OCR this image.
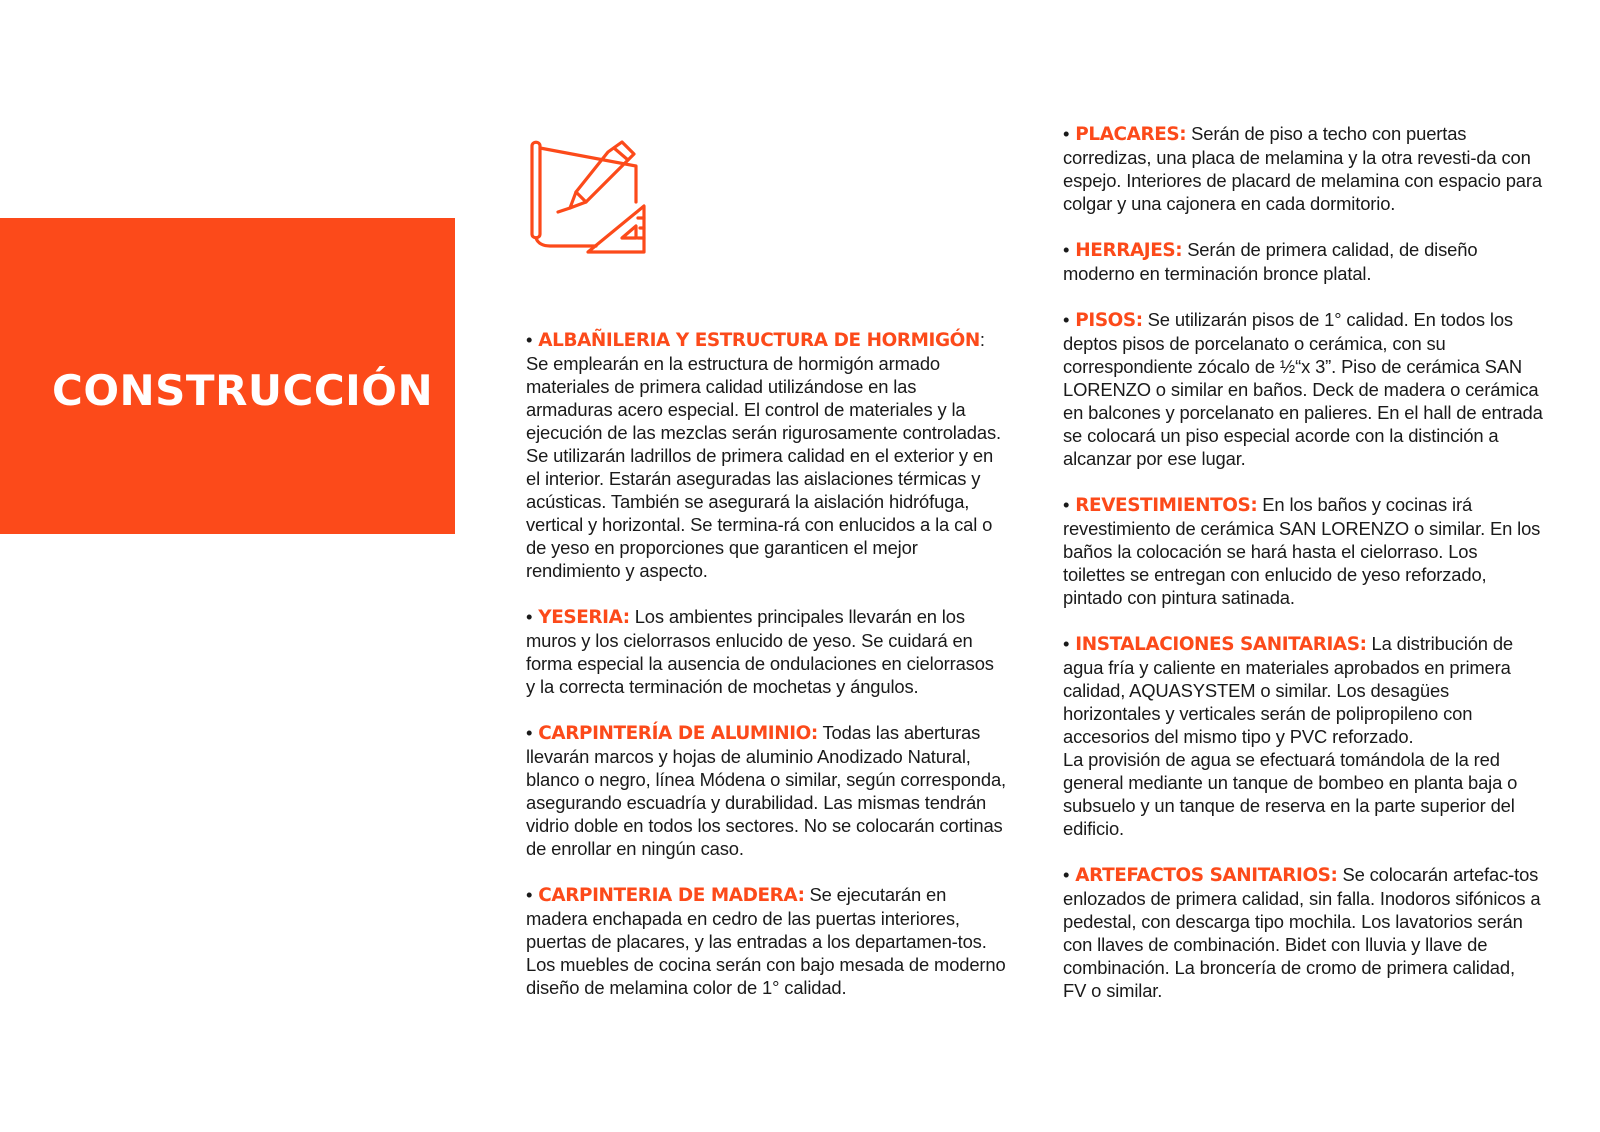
CONSTRUCCIÓN

• ALBAÑILERIA Y ESTRUCTURA DE HORMIGÓN:
Se emplearán en la estructura de hormigón armado materiales de primera calidad utilizándose en las armaduras acero especial. El control de materiales y la ejecución de las mezclas serán rigurosamente controladas. Se utilizarán ladrillos de primera calidad en el exterior y en el interior. Estarán aseguradas las aislaciones térmicas y acústicas. También se asegurará la aislación hidrófuga, vertical y horizontal. Se termina-rá con enlucidos a la cal o de yeso en proporciones que garanticen el mejor rendimiento y aspecto.

• YESERIA: Los ambientes principales llevarán en los muros y los cielorrasos enlucido de yeso. Se cuidará en forma especial la ausencia de ondulaciones en cielorrasos y la correcta terminación de mochetas y ángulos.

• CARPINTERÍA DE ALUMINIO: Todas las aberturas llevarán marcos y hojas de aluminio Anodizado Natural, blanco o negro, línea Módena o similar, según corresponda, asegurando escuadría y durabilidad. Las mismas tendrán vidrio doble en todos los sectores. No se colocarán cortinas de enrollar en ningún caso.

• CARPINTERIA DE MADERA: Se ejecutarán en madera enchapada en cedro de las puertas interiores, puertas de placares, y las entradas a los departamen-tos. Los muebles de cocina serán con bajo mesada de moderno diseño de melamina color de 1° calidad.

• PLACARES: Serán de piso a techo con puertas corredizas, una placa de melamina y la otra revesti-da con espejo. Interiores de placard de melamina con espacio para colgar y una cajonera en cada dormitorio.

• HERRAJES: Serán de primera calidad, de diseño moderno en terminación bronce platal.

• PISOS: Se utilizarán pisos de 1° calidad. En todos los deptos pisos de porcelanato o cerámica, con su correspondiente zócalo de ½“x 3”. Piso de cerámica SAN LORENZO o similar en baños. Deck de madera o cerámica en balcones y porcelanato en palieres. En el hall de entrada se colocará un piso especial acorde con la distinción a alcanzar por ese lugar.

• REVESTIMIENTOS: En los baños y cocinas irá revestimiento de cerámica SAN LORENZO o similar. En los baños la colocación se hará hasta el cielorraso. Los toilettes se entregan con enlucido de yeso reforzado, pintado con pintura satinada.

• INSTALACIONES SANITARIAS: La distribución de agua fría y caliente en materiales aprobados en primera calidad, AQUASYSTEM o similar. Los desagües horizontales y verticales serán de polipropileno con accesorios del mismo tipo y PVC reforzado.
La provisión de agua se efectuará tomándola de la red general mediante un tanque de bombeo en planta baja o subsuelo y un tanque de reserva en la parte superior del edificio.

• ARTEFACTOS SANITARIOS: Se colocarán artefac-tos enlozados de primera calidad, sin falla. Inodoros sifónicos a pedestal, con descarga tipo mochila. Los lavatorios serán con llaves de combinación. Bidet con lluvia y llave de combinación. La broncería de cromo de primera calidad, FV o similar.
